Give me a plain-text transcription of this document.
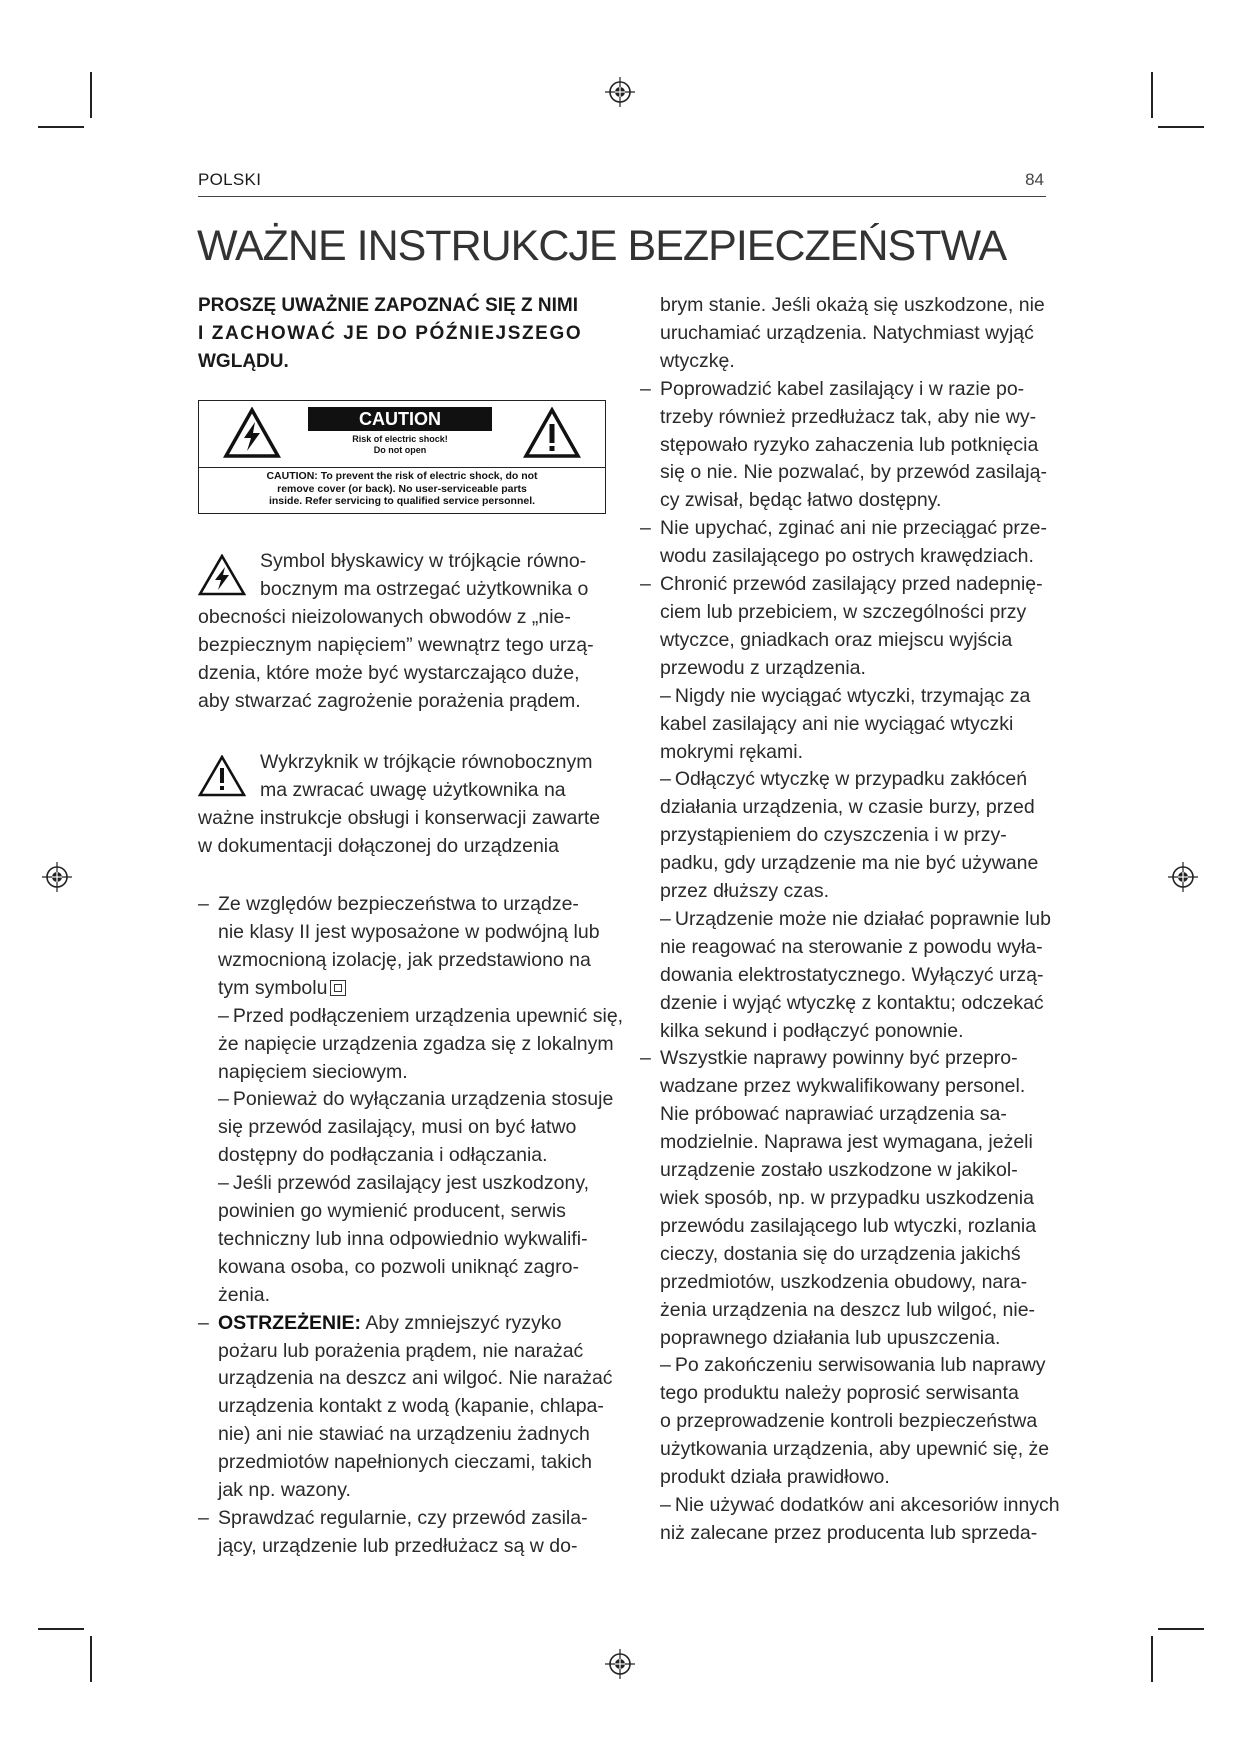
POLSKI	84
WAŻNE INSTRUKCJE BEZPIECZEŃSTWA

PROSZĘ UWAŻNIE ZAPOZNAĆ SIĘ Z NIMI
I ZACHOWAĆ JE DO PÓŹNIEJSZEGO
WGLĄDU.

CAUTION
Risk of electric shock!
Do not open
CAUTION: To prevent the risk of electric shock, do not
remove cover (or back). No user-serviceable parts
inside. Refer servicing to qualified service personnel.
Symbol błyskawicy w trójkącie równo-
bocznym ma ostrzegać użytkownika o
obecności nieizolowanych obwodów z „nie-
bezpiecznym napięciem” wewnątrz tego urzą-
dzenia, które może być wystarczająco duże,
aby stwarzać zagrożenie porażenia prądem.
Wykrzyknik w trójkącie równobocznym
ma zwracać uwagę użytkownika na
ważne instrukcje obsługi i konserwacji zawarte
w dokumentacji dołączonej do urządzenia
– Ze względów bezpieczeństwa to urządze-
nie klasy II jest wyposażone w podwójną lub
wzmocnioną izolację, jak przedstawiono na
tym symbolu
– Przed podłączeniem urządzenia upewnić się,
że napięcie urządzenia zgadza się z lokalnym
napięciem sieciowym.
– Ponieważ do wyłączania urządzenia stosuje
się przewód zasilający, musi on być łatwo
dostępny do podłączania i odłączania.
– Jeśli przewód zasilający jest uszkodzony,
powinien go wymienić producent, serwis
techniczny lub inna odpowiednio wykwalifi-
kowana osoba, co pozwoli uniknąć zagro-
żenia.
– OSTRZEŻENIE: Aby zmniejszyć ryzyko
pożaru lub porażenia prądem, nie narażać
urządzenia na deszcz ani wilgoć. Nie narażać
urządzenia kontakt z wodą (kapanie, chlapa-
nie) ani nie stawiać na urządzeniu żadnych
przedmiotów napełnionych cieczami, takich
jak np. wazony.
– Sprawdzać regularnie, czy przewód zasila-
jący, urządzenie lub przedłużacz są w do-
brym stanie. Jeśli okażą się uszkodzone, nie
uruchamiać urządzenia. Natychmiast wyjąć
wtyczkę.
– Poprowadzić kabel zasilający i w razie po-
trzeby również przedłużacz tak, aby nie wy-
stępowało ryzyko zahaczenia lub potknięcia
się o nie. Nie pozwalać, by przewód zasilają-
cy zwisał, będąc łatwo dostępny.
– Nie upychać, zginać ani nie przeciągać prze-
wodu zasilającego po ostrych krawędziach.
– Chronić przewód zasilający przed nadepnię-
ciem lub przebiciem, w szczególności przy
wtyczce, gniadkach oraz miejscu wyjścia
przewodu z urządzenia.
– Nigdy nie wyciągać wtyczki, trzymając za
kabel zasilający ani nie wyciągać wtyczki
mokrymi rękami.
– Odłączyć wtyczkę w przypadku zakłóceń
działania urządzenia, w czasie burzy, przed
przystąpieniem do czyszczenia i w przy-
padku, gdy urządzenie ma nie być używane
przez dłuższy czas.
– Urządzenie może nie działać poprawnie lub
nie reagować na sterowanie z powodu wyła-
dowania elektrostatycznego. Wyłączyć urzą-
dzenie i wyjąć wtyczkę z kontaktu; odczekać
kilka sekund i podłączyć ponownie.
– Wszystkie naprawy powinny być przepro-
wadzane przez wykwalifikowany personel.
Nie próbować naprawiać urządzenia sa-
modzielnie. Naprawa jest wymagana, jeżeli
urządzenie zostało uszkodzone w jakikol-
wiek sposób, np. w przypadku uszkodzenia
przewódu zasilającego lub wtyczki, rozlania
cieczy, dostania się do urządzenia jakichś
przedmiotów, uszkodzenia obudowy, nara-
żenia urządzenia na deszcz lub wilgoć, nie-
poprawnego działania lub upuszczenia.
– Po zakończeniu serwisowania lub naprawy
tego produktu należy poprosić serwisanta
o przeprowadzenie kontroli bezpieczeństwa
użytkowania urządzenia, aby upewnić się, że
produkt działa prawidłowo.
– Nie używać dodatków ani akcesoriów innych
niż zalecane przez producenta lub sprzeda-
